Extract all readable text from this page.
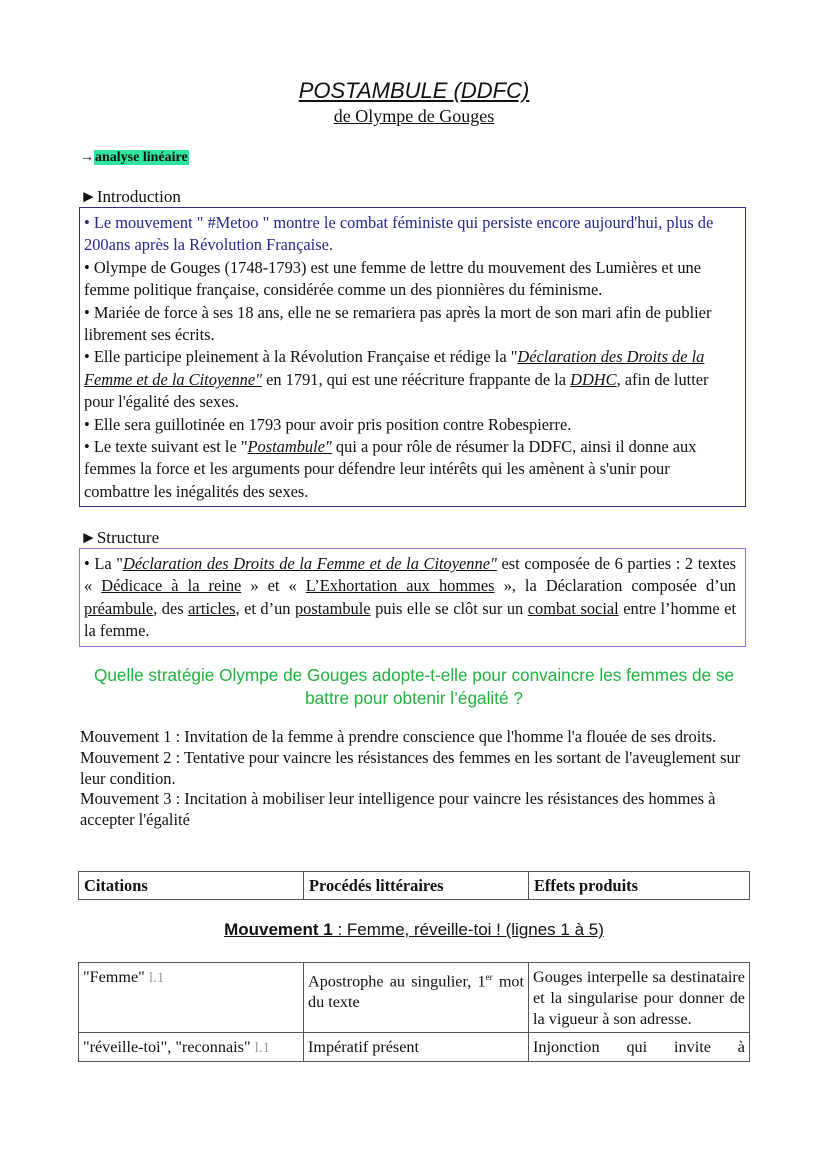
POSTAMBULE (DDFC)
de Olympe de Gouges
→analyse linéaire
►Introduction

• Le mouvement " #Metoo " montre le combat féministe qui persiste encore aujourd'hui, plus de 200ans après la Révolution Française.

• Olympe de Gouges (1748-1793) est une femme de lettre du mouvement des Lumières et une femme politique française, considérée comme un des pionnières du féminisme.

• Mariée de force à ses 18 ans, elle ne se remariera pas après la mort de son mari afin de publier librement ses écrits.

• Elle participe pleinement à la Révolution Française et rédige la "Déclaration des Droits de la Femme et de la Citoyenne" en 1791, qui est une réécriture frappante de la DDHC, afin de lutter pour l'égalité des sexes.

• Elle sera guillotinée en 1793 pour avoir pris position contre Robespierre.

• Le texte suivant est le "Postambule" qui a pour rôle de résumer la DDFC, ainsi il donne aux femmes la force et les arguments pour défendre leur intérêts qui les amènent à s'unir pour combattre les inégalités des sexes.

►Structure

• La "Déclaration des Droits de la Femme et de la Citoyenne" est composée de 6 parties : 2 textes « Dédicace à la reine » et « L’Exhortation aux hommes », la Déclaration composée d’un préambule, des articles, et d’un postambule puis elle se clôt sur un combat social entre l’homme et la femme.

Quelle stratégie Olympe de Gouges adopte-t-elle pour convaincre les femmes de se battre pour obtenir l’égalité ?

Mouvement 1 : Invitation de la femme à prendre conscience que l'homme l'a flouée de ses droits.

Mouvement 2 : Tentative pour vaincre les résistances des femmes en les sortant de l'aveuglement sur leur condition.

Mouvement 3 : Incitation à mobiliser leur intelligence pour vaincre les résistances des hommes à accepter l'égalité

Citations	Procédés littéraires	Effets produits
Mouvement 1 : Femme, réveille-toi ! (lignes 1 à 5)
"Femme" l.1	Apostrophe au singulier, 1er mot du texte	Gouges interpelle sa destinataire et la singularise pour donner de la vigueur à son adresse.
"réveille-toi", "reconnais" l.1	Impératif présent	Injonction qui invite à
